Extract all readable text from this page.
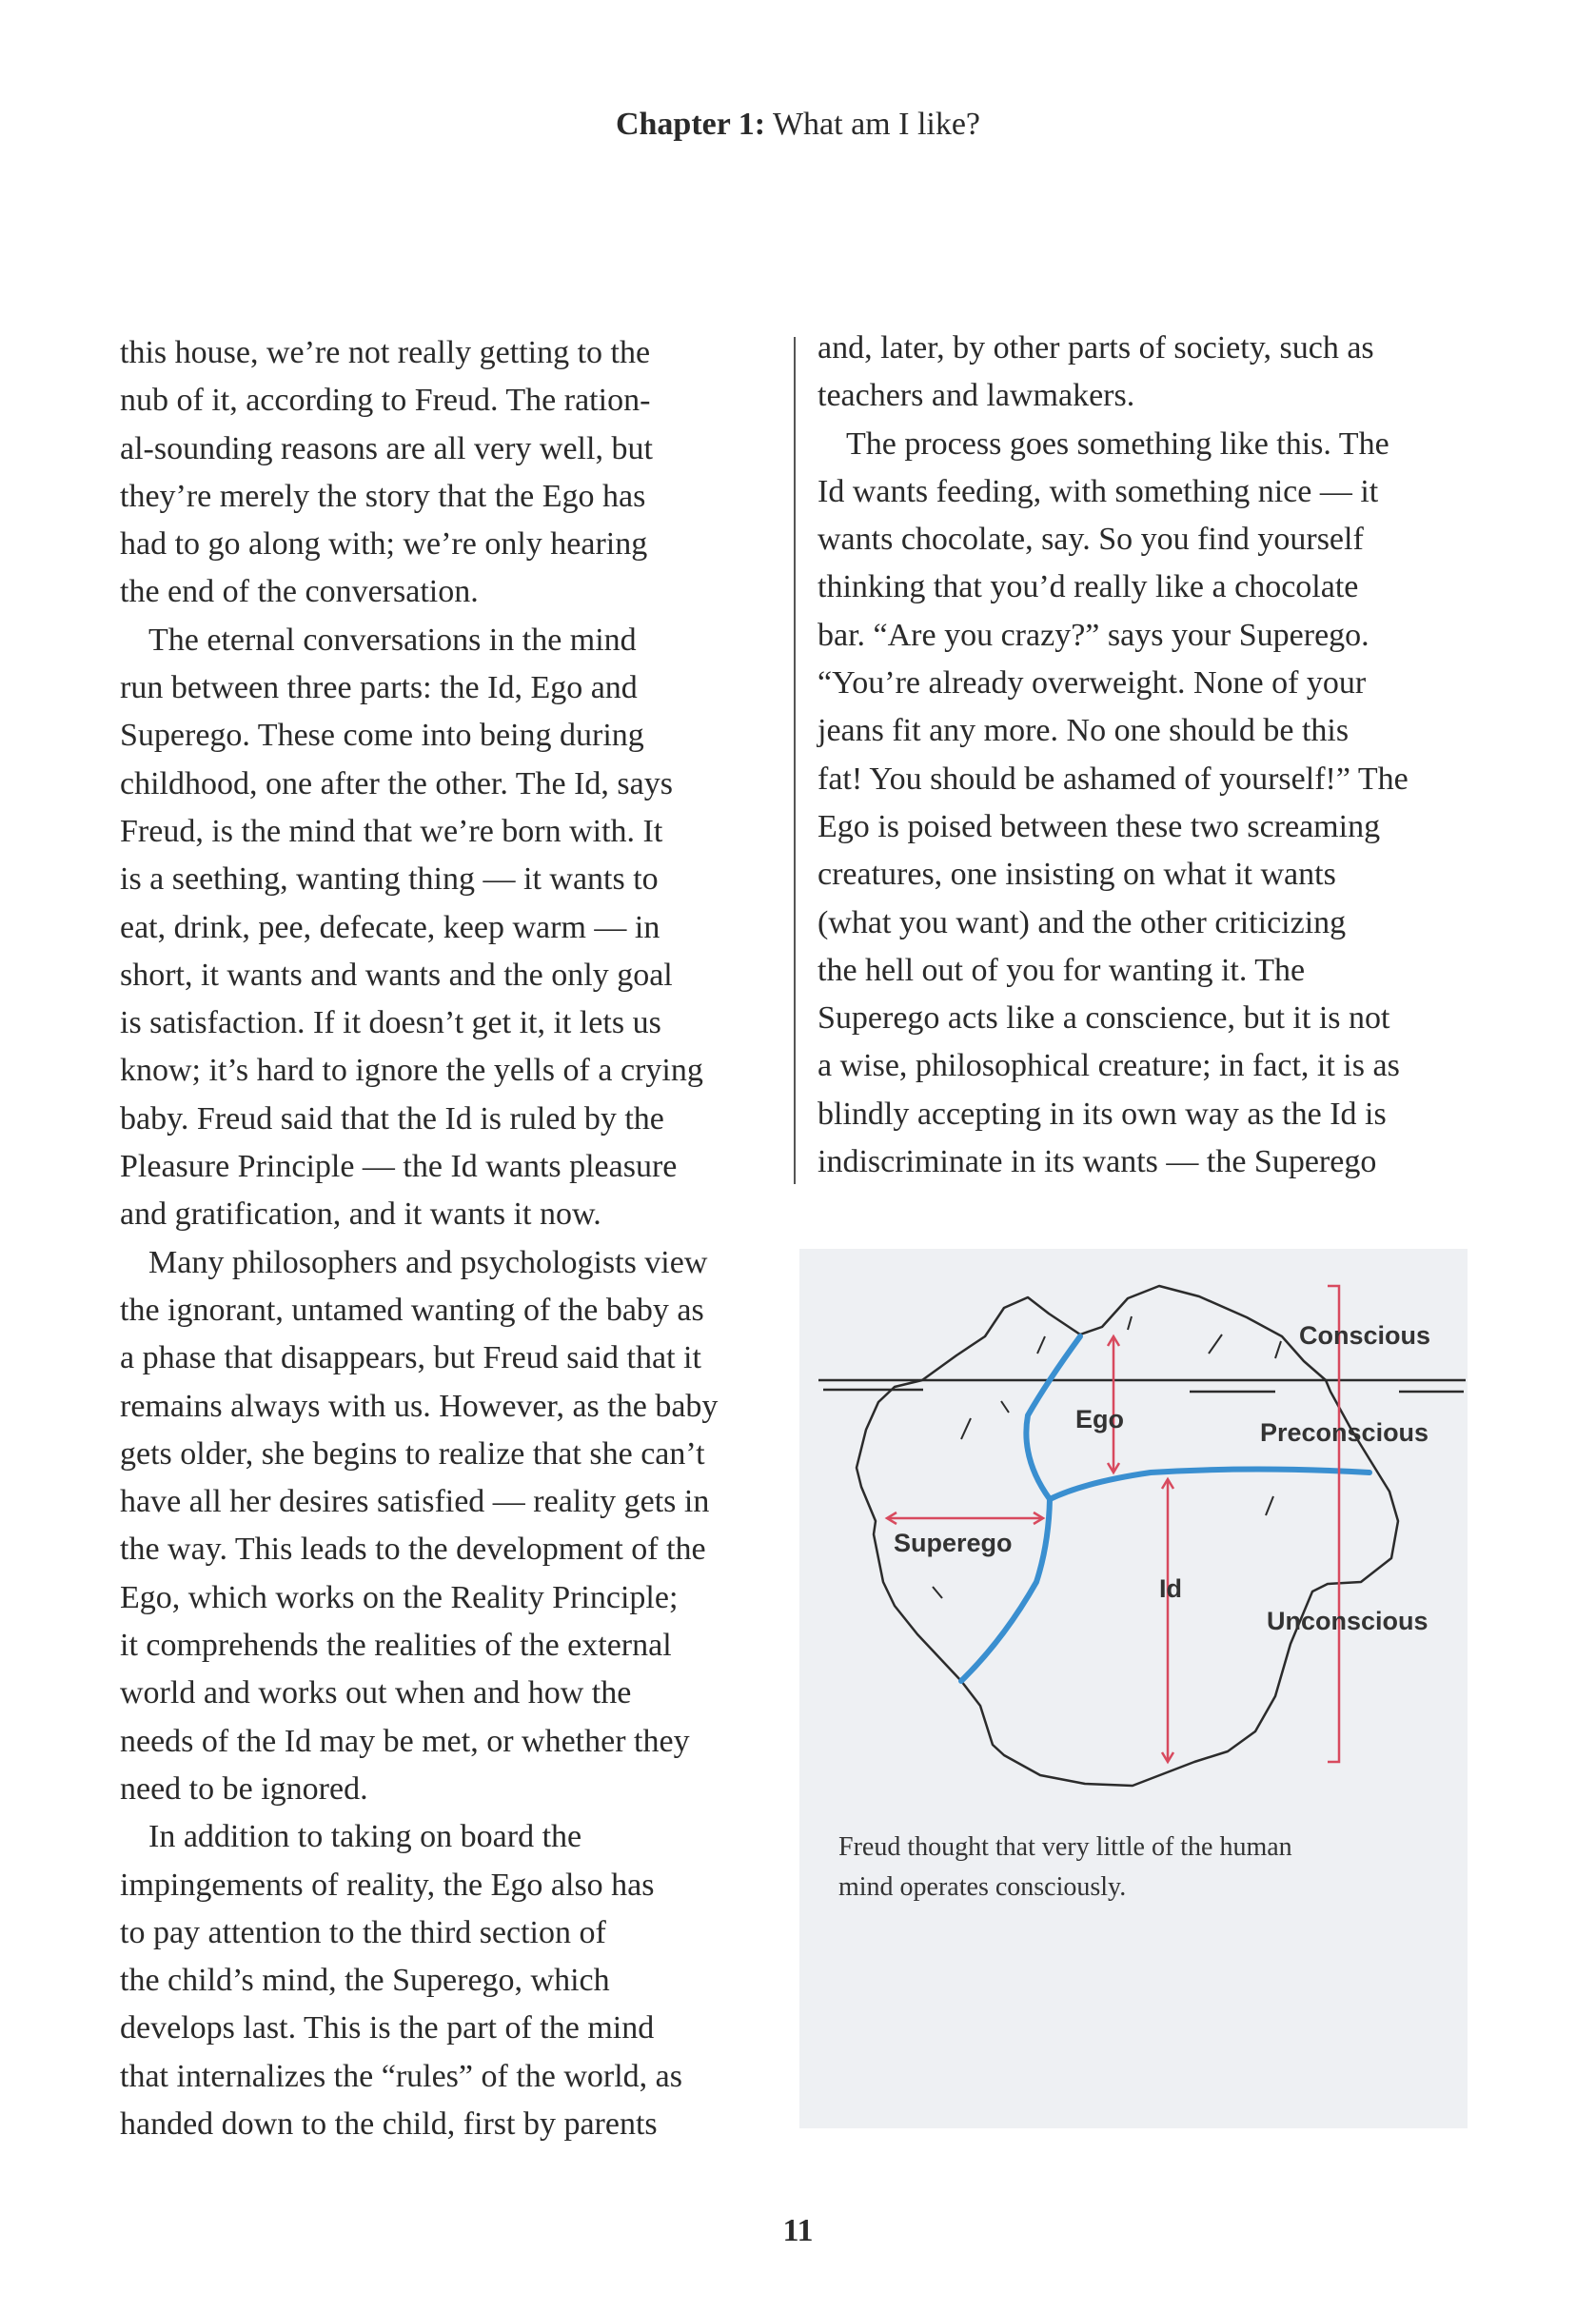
Chapter 1: What am I like?
this house, we’re not really getting to the
nub of it, according to Freud. The ration-
al-sounding reasons are all very well, but
they’re merely the story that the Ego has
had to go along with; we’re only hearing
the end of the conversation.
The eternal conversations in the mind
run between three parts: the Id, Ego and
Superego. These come into being during
childhood, one after the other. The Id, says
Freud, is the mind that we’re born with. It
is a seething, wanting thing — it wants to
eat, drink, pee, defecate, keep warm — in
short, it wants and wants and the only goal
is satisfaction. If it doesn’t get it, it lets us
know; it’s hard to ignore the yells of a crying
baby. Freud said that the Id is ruled by the
Pleasure Principle — the Id wants pleasure
and gratification, and it wants it now.
Many philosophers and psychologists view
the ignorant, untamed wanting of the baby as
a phase that disappears, but Freud said that it
remains always with us. However, as the baby
gets older, she begins to realize that she can’t
have all her desires satisfied — reality gets in
the way. This leads to the development of the
Ego, which works on the Reality Principle;
it comprehends the realities of the external
world and works out when and how the
needs of the Id may be met, or whether they
need to be ignored.
In addition to taking on board the
impingements of reality, the Ego also has
to pay attention to the third section of
the child’s mind, the Superego, which
develops last. This is the part of the mind
that internalizes the “rules” of the world, as
handed down to the child, first by parents
and, later, by other parts of society, such as
teachers and lawmakers.
The process goes something like this. The
Id wants feeding, with something nice — it
wants chocolate, say. So you find yourself
thinking that you’d really like a chocolate
bar. “Are you crazy?” says your Superego.
“You’re already overweight. None of your
jeans fit any more. No one should be this
fat! You should be ashamed of yourself!” The
Ego is poised between these two screaming
creatures, one insisting on what it wants
(what you want) and the other criticizing
the hell out of you for wanting it. The
Superego acts like a conscience, but it is not
a wise, philosophical creature; in fact, it is as
blindly accepting in its own way as the Id is
indiscriminate in its wants — the Superego
Conscious
Ego	Preconscious
Superego
Id
Unconscious
Freud thought that very little of the human
mind operates consciously.
11
